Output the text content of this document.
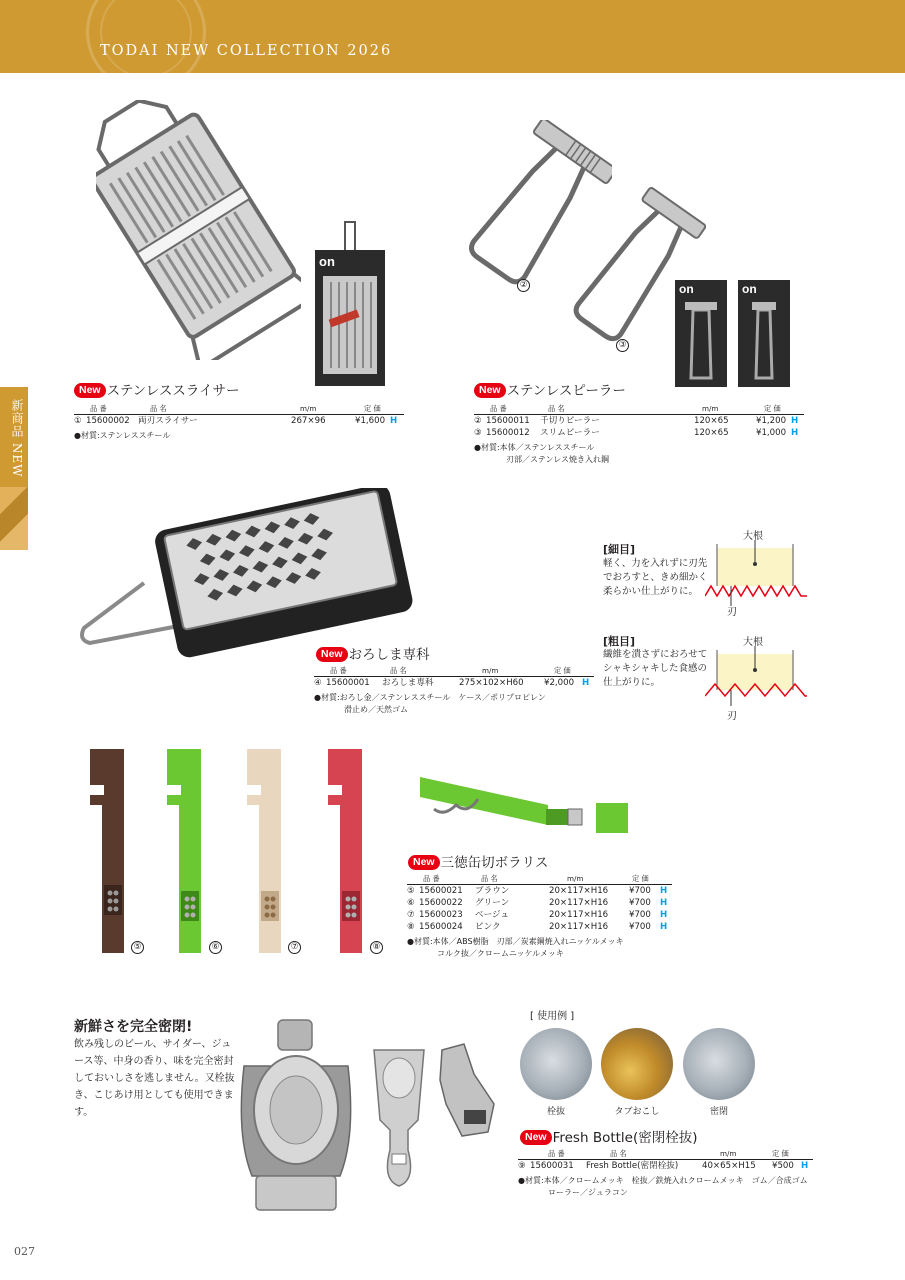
TODAI NEW COLLECTION 2026
新商品 NEW
on
New ステンレススライサー
品 番	品 名	m/m	定 価
① 15600002 両刃スライサー	267×96	¥1,600 H
●材質:ステンレススチール
②
③
on	on
New ステンレスピーラー
品 番	品 名	m/m	定 価
② 15600011 千切りピーラー	120×65	¥1,200 H
③ 15600012 スリムピーラー	120×65	¥1,000 H
●材質:本体／ステンレススチール
刃部／ステンレス焼き入れ鋼
New おろしま専科
品 番	品 名	m/m	定 価
④ 15600001 おろしま専科	275×102×H60 ¥2,000 H
●材質:おろし金／ステンレススチール　ケース／ポリプロピレン
滑止め／天然ゴム
[細目]
軽く、力を入れずに刃先でおろすと、きめ細かく柔らかい仕上がりに。
大根
刃
[粗目]
繊維を潰さずにおろせてシャキシャキした食感の仕上がりに。
大根
刃
⑤	⑥	⑦	⑧
New 三徳缶切ボラリス
品 番	品 名	m/m	定 価
⑤ 15600021 ブラウン	20×117×H16 ¥700 H
⑥ 15600022 グリーン	20×117×H16 ¥700 H
⑦ 15600023 ベージュ	20×117×H16 ¥700 H
⑧ 15600024 ピンク	20×117×H16 ¥700 H
●材質:本体／ABS樹脂　刃部／炭素鋼焼入れニッケルメッキ
コルク抜／クロームニッケルメッキ
新鮮さを完全密閉!
飲み残しのビール、サイダー、ジュース等、中身の香り、味を完全密封しておいしさを逃しません。又栓抜き、こじあけ用としても使用できます。
[ 使用例 ]
栓抜	タブおこし	密閉
New Fresh Bottle(密閉栓抜)
品 番	品 名	m/m	定 価
⑨ 15600031 Fresh Bottle(密閉栓抜)	40×65×H15 ¥500 H
●材質:本体／クロームメッキ　栓抜／鉄焼入れクロームメッキ　ゴム／合成ゴム
ローラー／ジュラコン
027
